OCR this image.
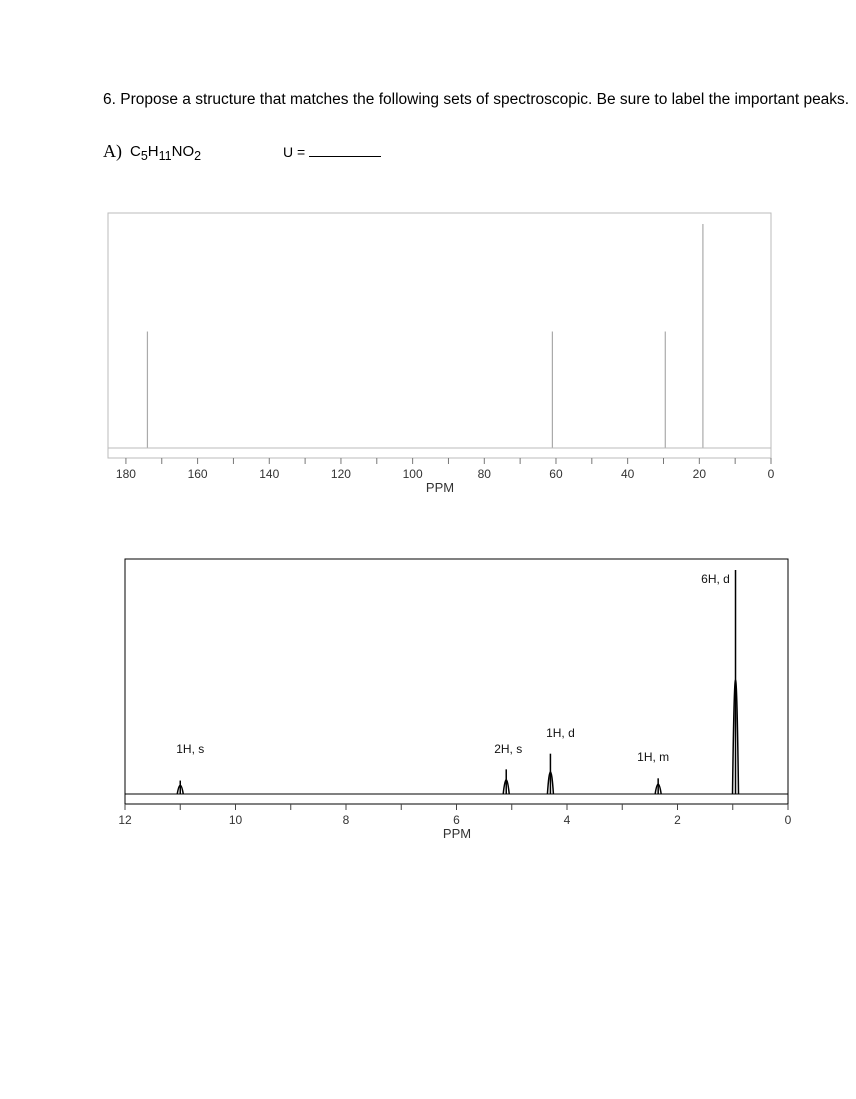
6. Propose a structure that matches the following sets of spectroscopic. Be sure to label the important peaks.
A) $C_5H_{11}NO_2$	U =
180	160	140	120	100	80	60	40	20	0
PPM
1H, s	2H, s
1H, d
1H, m
6H, d
12	10	8	6	4	2	0
PPM
